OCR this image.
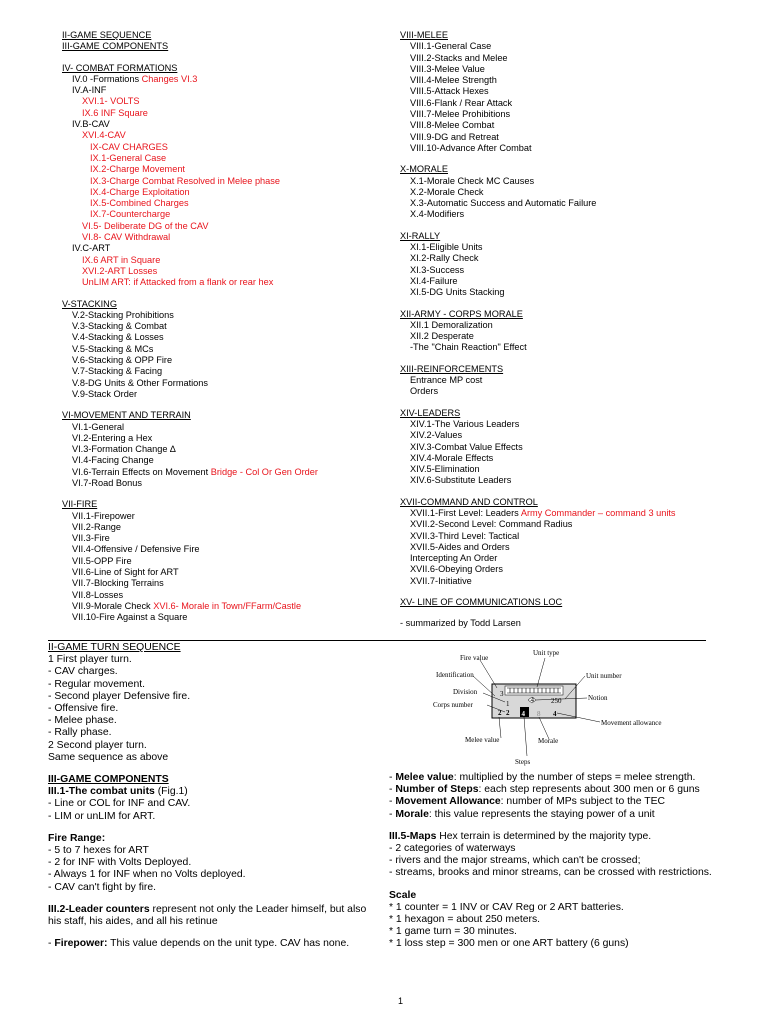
II-GAME SEQUENCE
III-GAME COMPONENTS
IV- COMBAT FORMATIONS
IV.0 -Formations Changes VI.3
IV.A-INF
XVI.1- VOLTS
IX.6 INF Square
IV.B-CAV
XVI.4-CAV
IX-CAV CHARGES
IX.1-General Case
IX.2-Charge Movement
IX.3-Charge Combat Resolved in Melee phase
IX.4-Charge Exploitation
IX.5-Combined Charges
IX.7-Countercharge
VI.5- Deliberate DG of the CAV
VI.8- CAV Withdrawal
IV.C-ART
IX.6 ART in Square
XVI.2-ART Losses
UnLIM ART: if Attacked from a flank or rear hex
V-STACKING
V.2-Stacking Prohibitions
V.3-Stacking & Combat
V.4-Stacking & Losses
V.5-Stacking & MCs
V.6-Stacking & OPP Fire
V.7-Stacking & Facing
V.8-DG Units & Other Formations
V.9-Stack Order
VI-MOVEMENT AND TERRAIN
VI.1-General
VI.2-Entering a Hex
VI.3-Formation Change ∆
VI.4-Facing Change
VI.6-Terrain Effects on Movement Bridge - Col Or Gen Order
VI.7-Road Bonus
VII-FIRE
VII.1-Firepower
VII.2-Range
VII.3-Fire
VII.4-Offensive / Defensive Fire
VII.5-OPP Fire
VII.6-Line of Sight for ART
VII.7-Blocking Terrains
VII.8-Losses
VII.9-Morale Check XVI.6- Morale in Town/FFarm/Castle
VII.10-Fire Against a Square
VIII-MELEE
VIII.1-General Case
VIII.2-Stacks and Melee
VIII.3-Melee Value
VIII.4-Melee Strength
VIII.5-Attack Hexes
VIII.6-Flank / Rear Attack
VIII.7-Melee Prohibitions
VIII.8-Melee Combat
VIII.9-DG and Retreat
VIII.10-Advance After Combat
X-MORALE
X.1-Morale Check MC Causes
X.2-Morale Check
X.3-Automatic Success and Automatic Failure
X.4-Modifiers
XI-RALLY
XI.1-Eligible Units
XI.2-Rally Check
XI.3-Success
XI.4-Failure
XI.5-DG Units Stacking
XII-ARMY - CORPS MORALE
XII.1 Demoralization
XII.2 Desperate
-The "Chain Reaction" Effect
XIII-REINFORCEMENTS
Entrance MP cost
Orders
XIV-LEADERS
XIV.1-The Various Leaders
XIV.2-Values
XIV.3-Combat Value Effects
XIV.4-Morale Effects
XIV.5-Elimination
XIV.6-Substitute Leaders
XVII-COMMAND AND CONTROL
XVII.1-First Level: Leaders Army Commander – command 3 units
XVII.2-Second Level: Command Radius
XVII.3-Third Level: Tactical
XVII.5-Aides and Orders
Intercepting An Order
XVII.6-Obeying Orders
XVII.7-Initiative
XV- LINE OF COMMUNICATIONS LOC
- summarized by Todd Larsen
II-GAME TURN SEQUENCE
1 First player turn.
- CAV charges.
- Regular movement.
- Second player Defensive fire.
- Offensive fire.
- Melee phase.
- Rally phase.
2 Second player turn.
Same sequence as above
III-GAME COMPONENTS
III.1-The combat units (Fig.1)
- Line or COL for INF and CAV.
- LIM or unLIM for ART.
Fire Range:
- 5 to 7 hexes for ART
- 2 for INF with Volts Deployed.
- Always 1 for INF when no Volts deployed.
- CAV can't fight by fire.
III.2-Leader counters represent not only the Leader himself, but also
his staff, his aides, and all his retinue
- Firepower: This value depends on the unit type. CAV has none.
- Melee value: multiplied by the number of steps = melee strength.
- Number of Steps: each step represents about 300 men or 6 guns
- Movement Allowance: number of MPs subject to the TEC
- Morale: this value represents the staying power of a unit
III.5-Maps Hex terrain is determined by the majority type.
- 2 categories of waterways
- rivers and the major streams, which can't be crossed;
- streams, brooks and minor streams, can be crossed with restrictions.
Scale
* 1 counter = 1 INV or CAV Reg or 2 ART batteries.
* 1 hexagon = about 250 meters.
* 1 game turn = 30 minutes.
* 1 loss step = 300 men or one ART battery (6 guns)
3
4 250
1
2
2	4 8 4
Fire value
Unit type
Identification	Unit number
Division
Notion
Corps number
Movement allowance
Melee value	Morale
Steps
1
